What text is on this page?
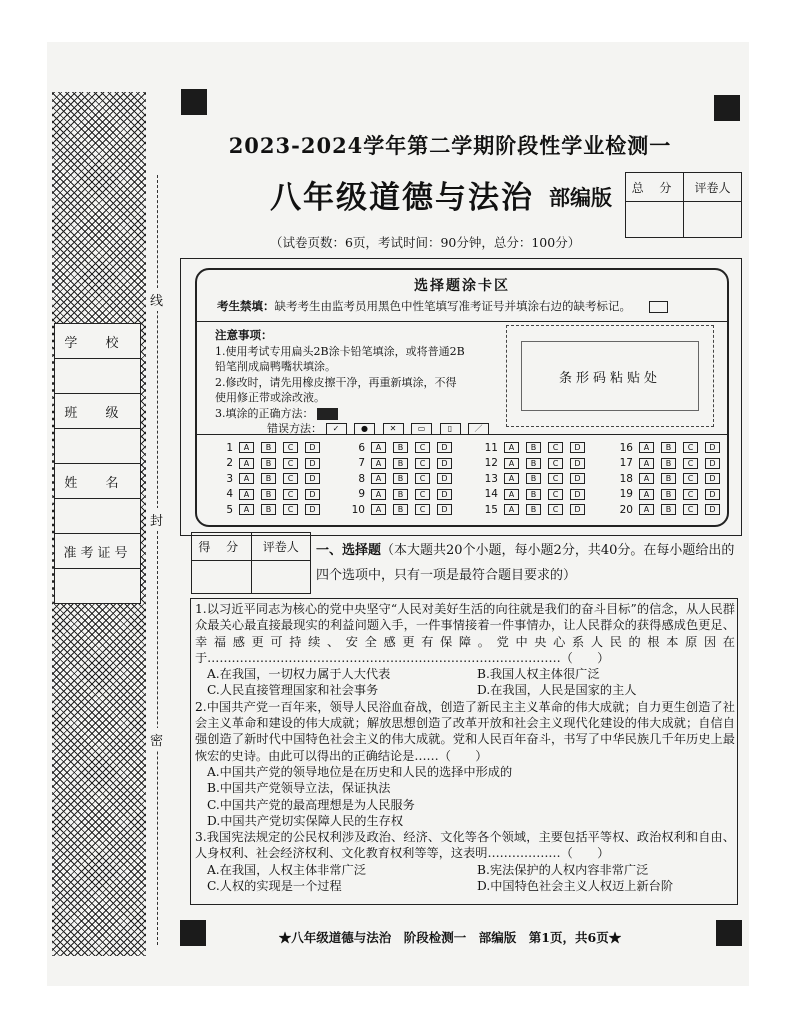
线
封
密
学 校
班 级
姓 名
准考证号
2023-2024学年第二学期阶段性学业检测一
八年级道德与法治 部编版	总 分	评卷人
（试卷页数：6页，考试时间：90分钟，总分：100分）
选择题涂卡区
考生禁填：缺考考生由监考员用黑色中性笔填写准考证号并填涂右边的缺考标记。
注意事项：
1.使用考试专用扁头2B涂卡铅笔填涂，或将普通2B
铅笔削成扁鸭嘴状填涂。
2.修改时，请先用橡皮擦干净，再重新填涂，不得
使用修正带或涂改液。
3.填涂的正确方法：
错误方法： ✓	●	✕	▭	▯	／
条形码粘贴处
1	A	B	C	D
2	A	B	C	D
3	A	B	C	D
4	A	B	C	D
5	A	B	C	D
6	A	B	C	D
7	A	B	C	D
8	A	B	C	D
9	A	B	C	D
10	A	B	C	D
11	A	B	C	D
12	A	B	C	D
13	A	B	C	D
14	A	B	C	D
15	A	B	C	D
16	A	B	C	D
17	A	B	C	D
18	A	B	C	D
19	A	B	C	D
20	A	B	C	D
得 分	评卷人	一、选择题（本大题共20个小题，每小题2分，共40分。在每小题给出的四个选项中，只有一项是最符合题目要求的）
1.以习近平同志为核心的党中央坚守“人民对美好生活的向往就是我们的奋斗目标”的信念，从人民群众最关心最直接最现实的利益问题入手，一件事情接着一件事情办，让人民群众的获得感成色更足、幸福感更可持续、安全感更有保障。党中央心系人民的根本原因在于……………………………………………………………………………（　　）
A.在我国，一切权力属于人大代表	B.我国人权主体很广泛
C.人民直接管理国家和社会事务	D.在我国，人民是国家的主人
2.中国共产党一百年来，领导人民浴血奋战，创造了新民主主义革命的伟大成就；自力更生创造了社会主义革命和建设的伟大成就；解放思想创造了改革开放和社会主义现代化建设的伟大成就；自信自强创造了新时代中国特色社会主义的伟大成就。党和人民百年奋斗，书写了中华民族几千年历史上最恢宏的史诗。由此可以得出的正确结论是……（　　）
A.中国共产党的领导地位是在历史和人民的选择中形成的
B.中国共产党领导立法，保证执法
C.中国共产党的最高理想是为人民服务
D.中国共产党切实保障人民的生存权
3.我国宪法规定的公民权利涉及政治、经济、文化等各个领域，主要包括平等权、政治权利和自由、人身权利、社会经济权利、文化教育权利等等，这表明………………（　　）
A.在我国，人权主体非常广泛	B.宪法保护的人权内容非常广泛
C.人权的实现是一个过程	D.中国特色社会主义人权迈上新台阶
★八年级道德与法治　阶段检测一　部编版　第1页，共6页★
